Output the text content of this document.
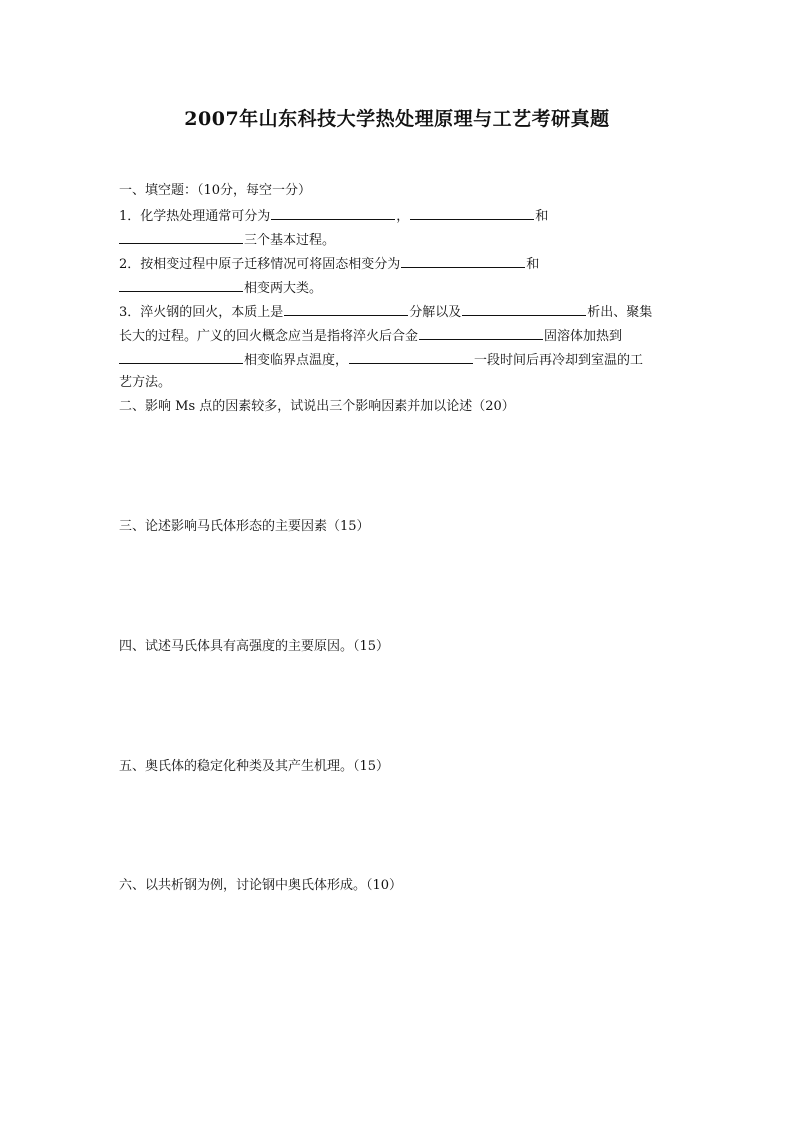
2007年山东科技大学热处理原理与工艺考研真题
一、填空题：（10分，每空一分）
1．化学热处理通常可分为	，	和
三个基本过程。
2．按相变过程中原子迁移情况可将固态相变分为	和
相变两大类。
3．淬火钢的回火，本质上是	分解以及	析出、聚集
长大的过程。广义的回火概念应当是指将淬火后合金	固溶体加热到
相变临界点温度，	一段时间后再冷却到室温的工
艺方法。
二、影响 Ms 点的因素较多，试说出三个影响因素并加以论述（20）
三、论述影响马氏体形态的主要因素（15）
四、试述马氏体具有高强度的主要原因。（15）
五、奥氏体的稳定化种类及其产生机理。（15）
六、以共析钢为例，讨论钢中奥氏体形成。（10）
